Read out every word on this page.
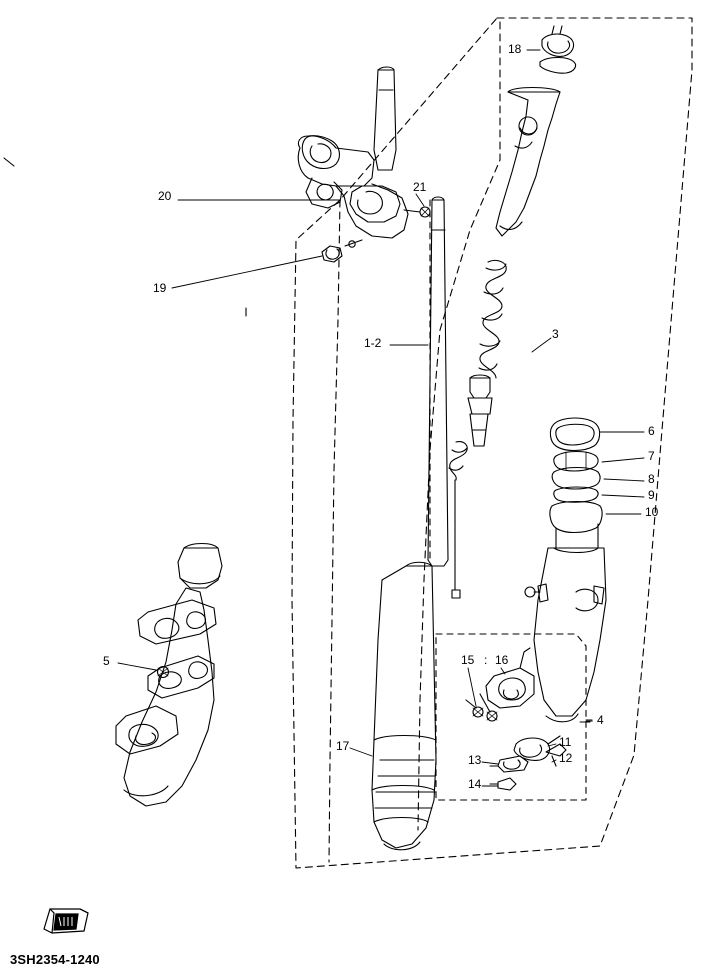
18
20
21
19
1-2
3
6
7
8
9
10
5	15 16
4
11
12
13
17
14
–
:
3SH2354-1240
